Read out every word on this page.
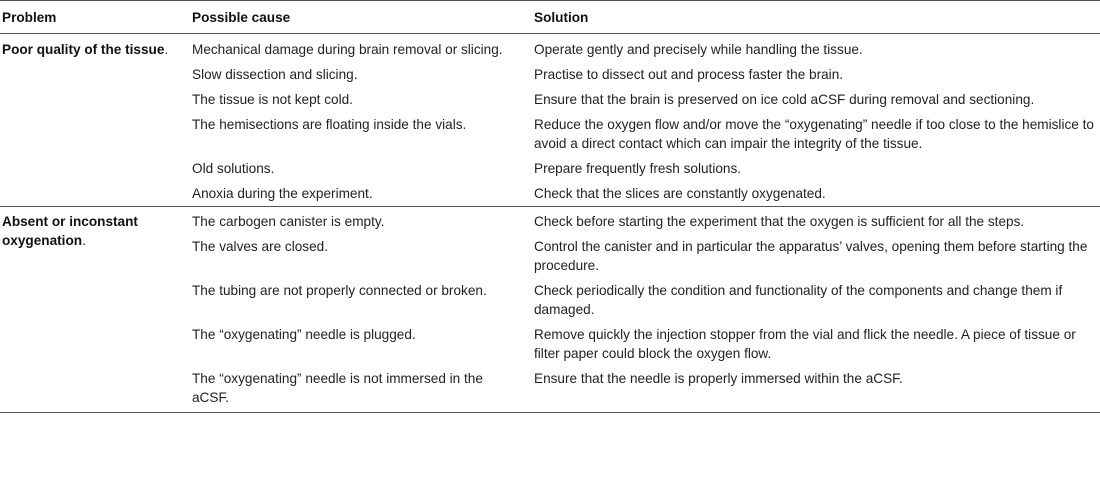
Problem	Possible cause	Solution
Poor quality of the tissue.	Mechanical damage during brain removal or slicing.	Operate gently and precisely while handling the tissue.
	Slow dissection and slicing.	Practise to dissect out and process faster the brain.
	The tissue is not kept cold.	Ensure that the brain is preserved on ice cold aCSF during removal and sectioning.
	The hemisections are floating inside the vials.	Reduce the oxygen flow and/or move the “oxygenating” needle if too close to the hemislice to avoid a direct contact which can impair the integrity of the tissue.
	Old solutions.	Prepare frequently fresh solutions.
	Anoxia during the experiment.	Check that the slices are constantly oxygenated.
Absent or inconstant oxygenation.	The carbogen canister is empty.	Check before starting the experiment that the oxygen is sufficient for all the steps.
	The valves are closed.	Control the canister and in particular the apparatus’ valves, opening them before starting the procedure.
	The tubing are not properly connected or broken.	Check periodically the condition and functionality of the components and change them if damaged.
	The “oxygenating” needle is plugged.	Remove quickly the injection stopper from the vial and flick the needle. A piece of tissue or filter paper could block the oxygen flow.
	The “oxygenating” needle is not immersed in the aCSF.	Ensure that the needle is properly immersed within the aCSF.
